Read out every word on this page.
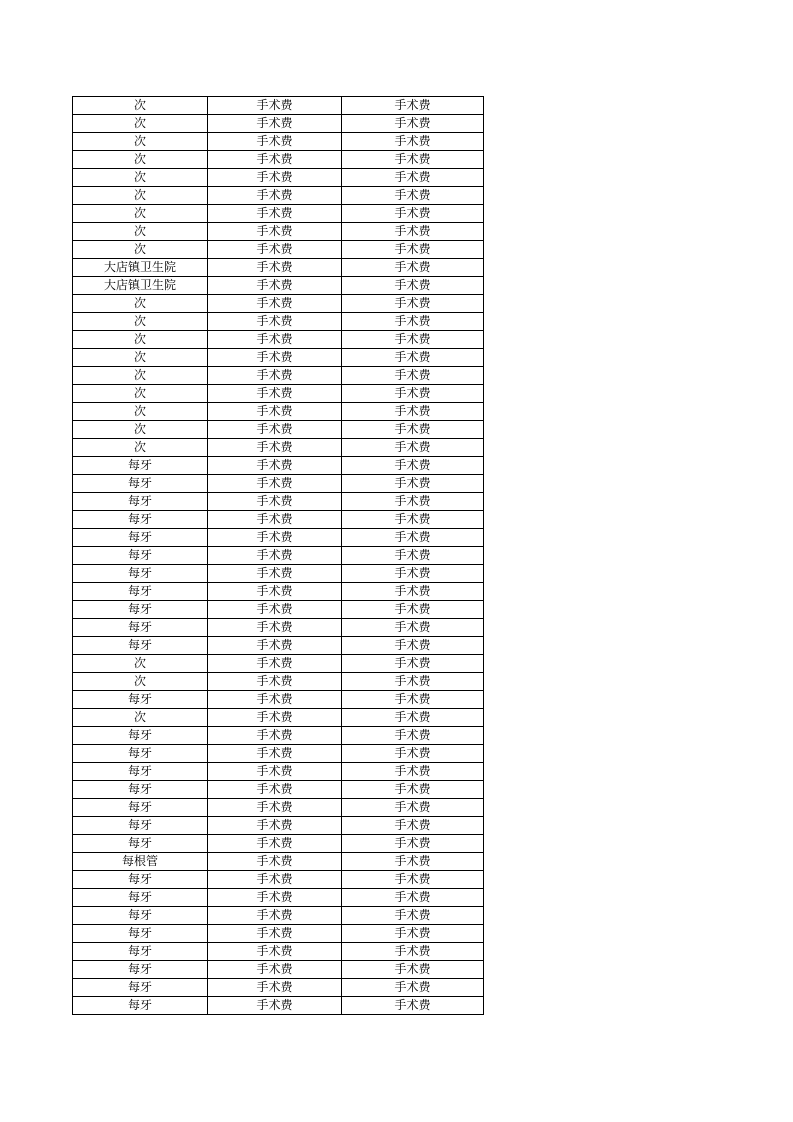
次	手术费	手术费
次	手术费	手术费
次	手术费	手术费
次	手术费	手术费
次	手术费	手术费
次	手术费	手术费
次	手术费	手术费
次	手术费	手术费
次	手术费	手术费
大店镇卫生院	手术费	手术费
大店镇卫生院	手术费	手术费
次	手术费	手术费
次	手术费	手术费
次	手术费	手术费
次	手术费	手术费
次	手术费	手术费
次	手术费	手术费
次	手术费	手术费
次	手术费	手术费
次	手术费	手术费
每牙	手术费	手术费
每牙	手术费	手术费
每牙	手术费	手术费
每牙	手术费	手术费
每牙	手术费	手术费
每牙	手术费	手术费
每牙	手术费	手术费
每牙	手术费	手术费
每牙	手术费	手术费
每牙	手术费	手术费
每牙	手术费	手术费
次	手术费	手术费
次	手术费	手术费
每牙	手术费	手术费
次	手术费	手术费
每牙	手术费	手术费
每牙	手术费	手术费
每牙	手术费	手术费
每牙	手术费	手术费
每牙	手术费	手术费
每牙	手术费	手术费
每牙	手术费	手术费
每根管	手术费	手术费
每牙	手术费	手术费
每牙	手术费	手术费
每牙	手术费	手术费
每牙	手术费	手术费
每牙	手术费	手术费
每牙	手术费	手术费
每牙	手术费	手术费
每牙	手术费	手术费
